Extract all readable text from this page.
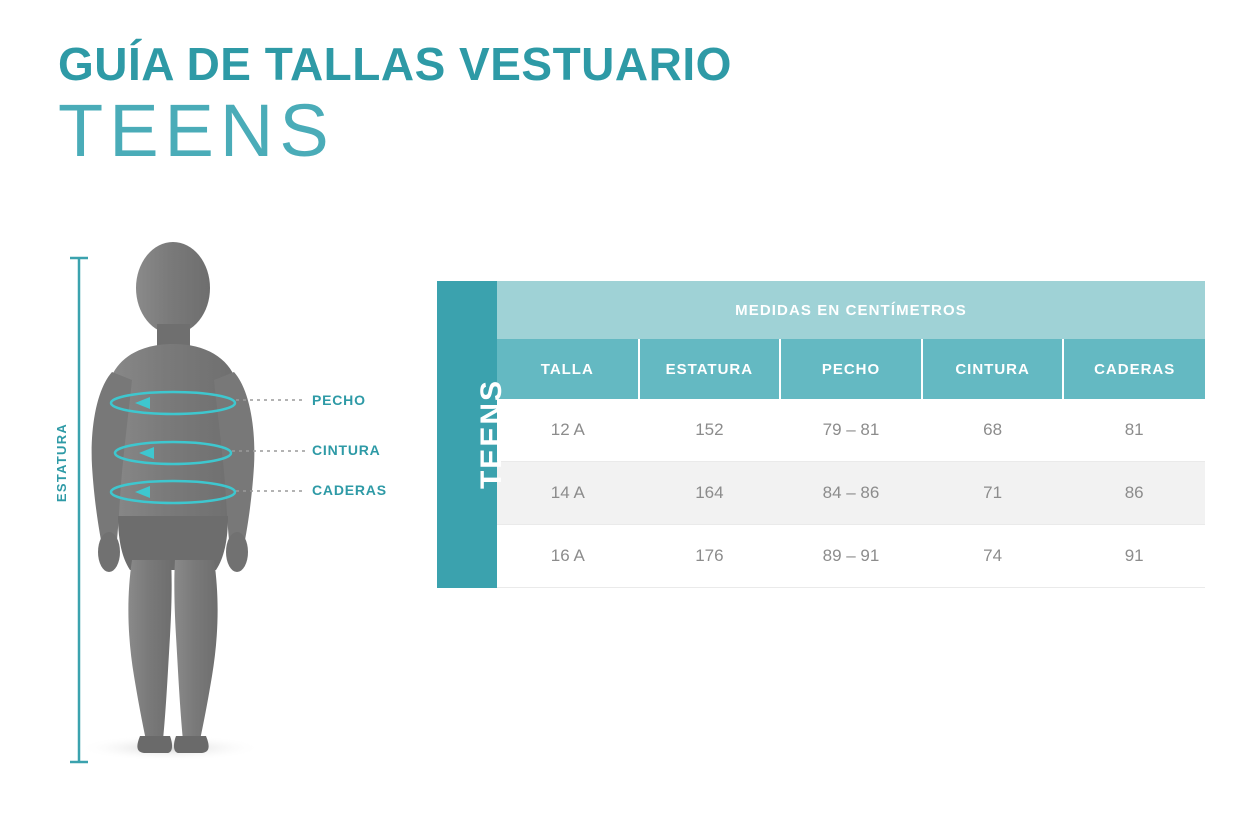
GUÍA DE TALLAS VESTUARIO
TEENS
ESTATURA
PECHO
CINTURA
CADERAS
TEENS	MEDIDAS EN CENTÍMETROS				
	TALLA	ESTATURA	PECHO	CINTURA	CADERAS
	12 A	152	79 – 81	68	81
	14 A	164	84 – 86	71	86
	16 A	176	89 – 91	74	91
